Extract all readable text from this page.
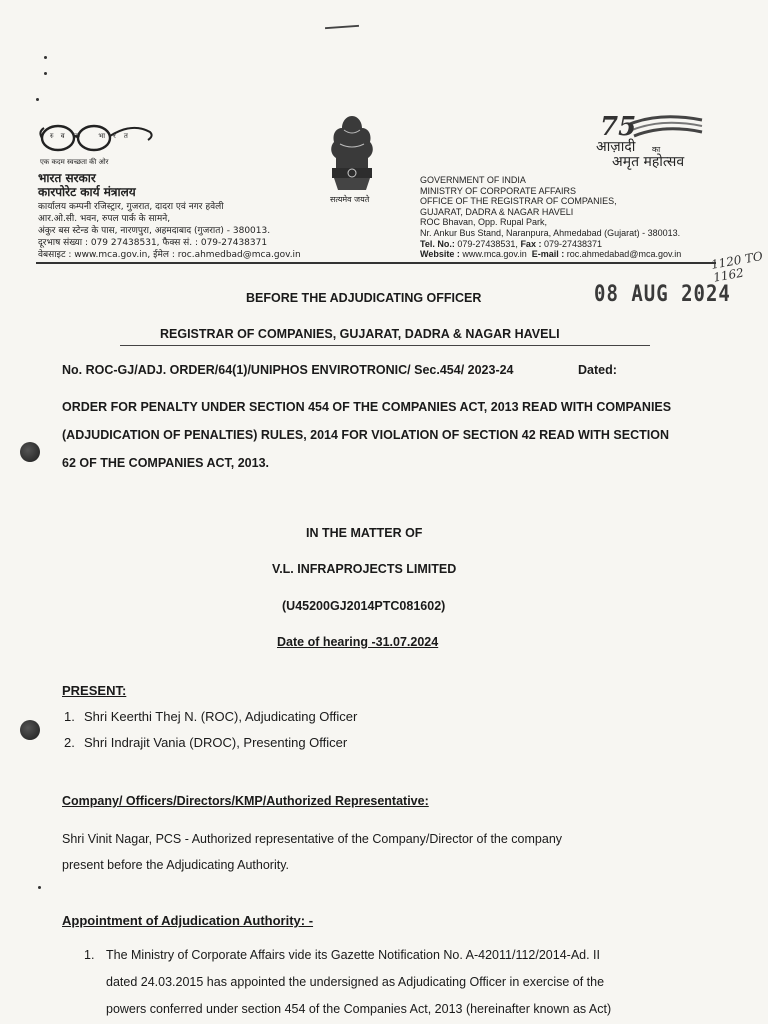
स्वच्छ भारत
एक कदम स्वच्छता की ओर
भारत सरकार
कारपोरेट कार्य मंत्रालय
कार्यालय कम्पनी रजिस्ट्रार, गुजरात, दादरा एवं नगर हवेली
आर.ओ.सी. भवन, रुपल पार्क के सामने,
अंकुर बस स्टेन्ड के पास, नारणपुरा, अहमदाबाद (गुजरात) - 380013.
दूरभाष संख्या : 079 27438531, फैक्स सं. : 079-27438371
वेबसाइट : www.mca.gov.in, ईमेल : roc.ahmedbad@mca.gov.in
सत्यमेव जयते
75
आज़ादी का
अमृत महोत्सव
GOVERNMENT OF INDIA
MINISTRY OF CORPORATE AFFAIRS
OFFICE OF THE REGISTRAR OF COMPANIES,
GUJARAT, DADRA & NAGAR HAVELI
ROC Bhavan, Opp. Rupal Park,
Nr. Ankur Bus Stand, Naranpura, Ahmedabad (Gujarat) - 380013.
Tel. No.: 079-27438531, Fax : 079-27438371
Website : www.mca.gov.in E-mail : roc.ahmedabad@mca.gov.in
08 AUG 2024
1120 TO 1162
BEFORE THE ADJUDICATING OFFICER
REGISTRAR OF COMPANIES, GUJARAT, DADRA & NAGAR HAVELI
No. ROC-GJ/ADJ. ORDER/64(1)/UNIPHOS ENVIROTRONIC/ Sec.454/ 2023-24	Dated:
ORDER FOR PENALTY UNDER SECTION 454 OF THE COMPANIES ACT, 2013 READ WITH COMPANIES
(ADJUDICATION OF PENALTIES) RULES, 2014 FOR VIOLATION OF SECTION 42 READ WITH SECTION
62 OF THE COMPANIES ACT, 2013.
IN THE MATTER OF
V.L. INFRAPROJECTS LIMITED
(U45200GJ2014PTC081602)
Date of hearing -31.07.2024
PRESENT:
1. Shri Keerthi Thej N. (ROC), Adjudicating Officer
2. Shri Indrajit Vania (DROC), Presenting Officer
Company/ Officers/Directors/KMP/Authorized Representative:
Shri Vinit Nagar, PCS - Authorized representative of the Company/Director of the company
present before the Adjudicating Authority.
Appointment of Adjudication Authority: -
1. The Ministry of Corporate Affairs vide its Gazette Notification No. A-42011/112/2014-Ad. II
dated 24.03.2015 has appointed the undersigned as Adjudicating Officer in exercise of the
powers conferred under section 454 of the Companies Act, 2013 (hereinafter known as Act)
